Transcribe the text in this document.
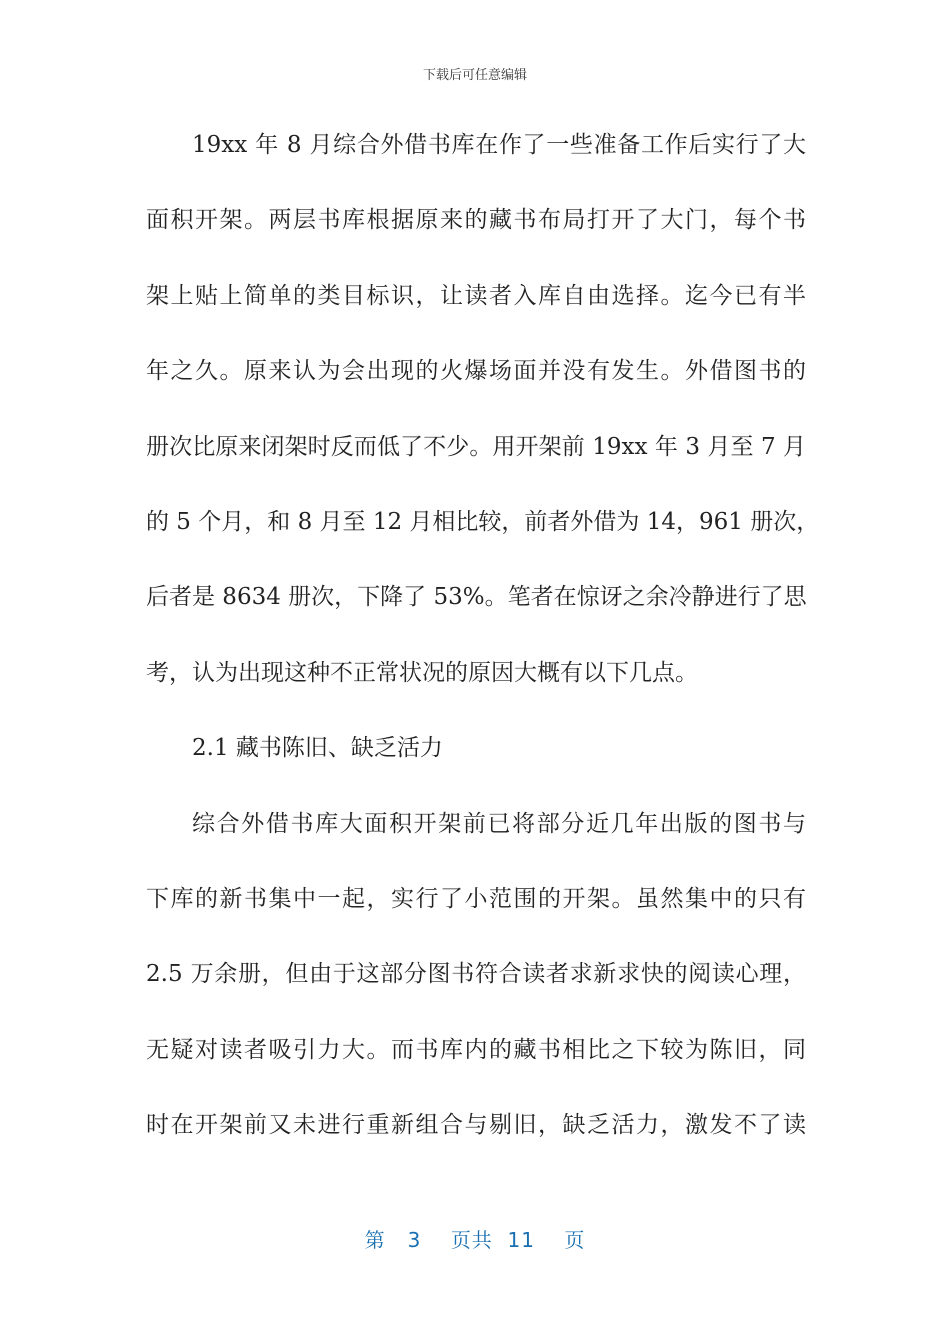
下载后可任意编辑
19xx 年 8 月综合外借书库在作了一些准备工作后实行了大
面积开架。两层书库根据原来的藏书布局打开了大门，每个书
架上贴上简单的类目标识，让读者入库自由选择。迄今已有半
年之久。原来认为会出现的火爆场面并没有发生。外借图书的
册次比原来闭架时反而低了不少。用开架前 19xx 年 3 月至 7 月
的 5 个月，和 8 月至 12 月相比较，前者外借为 14，961 册次，
后者是 8634 册次，下降了 53%。笔者在惊讶之余冷静进行了思
考，认为出现这种不正常状况的原因大概有以下几点。
2.1 藏书陈旧、缺乏活力
综合外借书库大面积开架前已将部分近几年出版的图书与
下库的新书集中一起，实行了小范围的开架。虽然集中的只有
2.5 万余册，但由于这部分图书符合读者求新求快的阅读心理，
无疑对读者吸引力大。而书库内的藏书相比之下较为陈旧，同
时在开架前又未进行重新组合与剔旧，缺乏活力，激发不了读
第 3 页共 11 页
